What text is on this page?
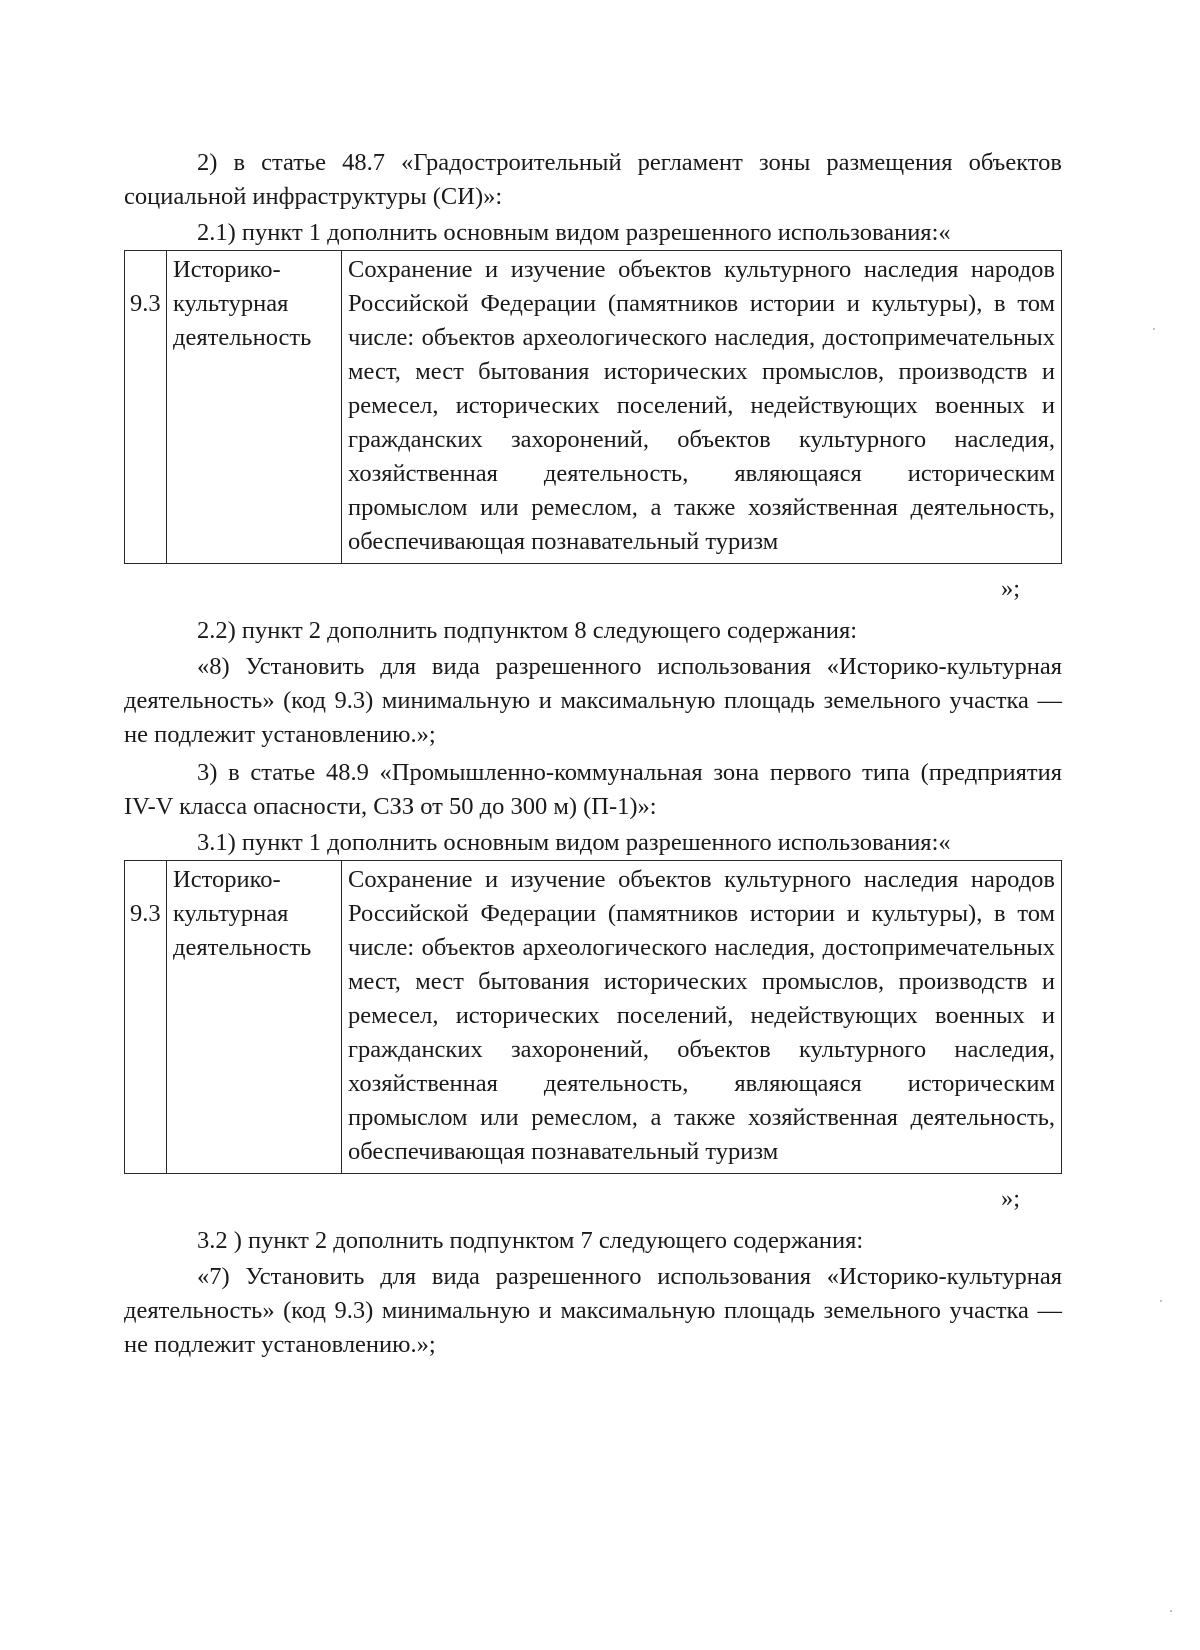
2) в статье 48.7 «Градостроительный регламент зоны размещения объектов социальной инфраструктуры (СИ)»:

2.1) пункт 1 дополнить основным видом разрешенного использования:«

9.3	Историко-культурная деятельность	Сохранение и изучение объектов культурного наследия народов Российской Федерации (памятников истории и культуры), в том числе: объектов археологического наследия, достопримечательных мест, мест бытования исторических промыслов, производств и ремесел, исторических поселений, недействующих военных и гражданских захоронений, объектов культурного наследия, хозяйственная деятельность, являющаяся историческим промыслом или ремеслом, а также хозяйственная деятельность, обеспечивающая познавательный туризм

»;

2.2) пункт 2 дополнить подпунктом 8 следующего содержания:

«8) Установить для вида разрешенного использования «Историко-культурная деятельность» (код 9.3) минимальную и максимальную площадь земельного участка — не подлежит установлению.»;

3) в статье 48.9 «Промышленно-коммунальная зона первого типа (предприятия IV-V класса опасности, СЗЗ от 50 до 300 м) (П-1)»:

3.1) пункт 1 дополнить основным видом разрешенного использования:«

9.3	Историко-культурная деятельность	Сохранение и изучение объектов культурного наследия народов Российской Федерации (памятников истории и культуры), в том числе: объектов археологического наследия, достопримечательных мест, мест бытования исторических промыслов, производств и ремесел, исторических поселений, недействующих военных и гражданских захоронений, объектов культурного наследия, хозяйственная деятельность, являющаяся историческим промыслом или ремеслом, а также хозяйственная деятельность, обеспечивающая познавательный туризм

»;

3.2 ) пункт 2 дополнить подпунктом 7 следующего содержания:

«7) Установить для вида разрешенного использования «Историко-культурная деятельность» (код 9.3) минимальную и максимальную площадь земельного участка — не подлежит установлению.»;
